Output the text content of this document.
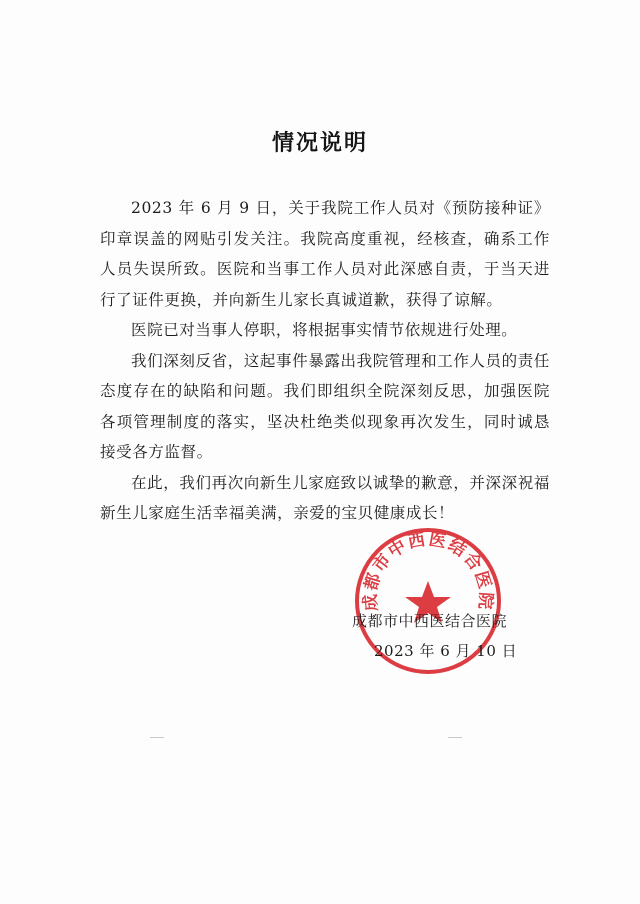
情况说明

2023 年 6 月 9 日，关于我院工作人员对《预防接种证》印章误盖的网贴引发关注。我院高度重视，经核查，确系工作人员失误所致。医院和当事工作人员对此深感自责，于当天进行了证件更换，并向新生儿家长真诚道歉，获得了谅解。

医院已对当事人停职，将根据事实情节依规进行处理。

我们深刻反省，这起事件暴露出我院管理和工作人员的责任态度存在的缺陷和问题。我们即组织全院深刻反思，加强医院各项管理制度的落实，坚决杜绝类似现象再次发生，同时诚恳接受各方监督。

在此，我们再次向新生儿家庭致以诚挚的歉意，并深深祝福新生儿家庭生活幸福美满，亲爱的宝贝健康成长！

成都市中西医结合医院
成都市中西医结合医院
2023 年 6 月 10 日
